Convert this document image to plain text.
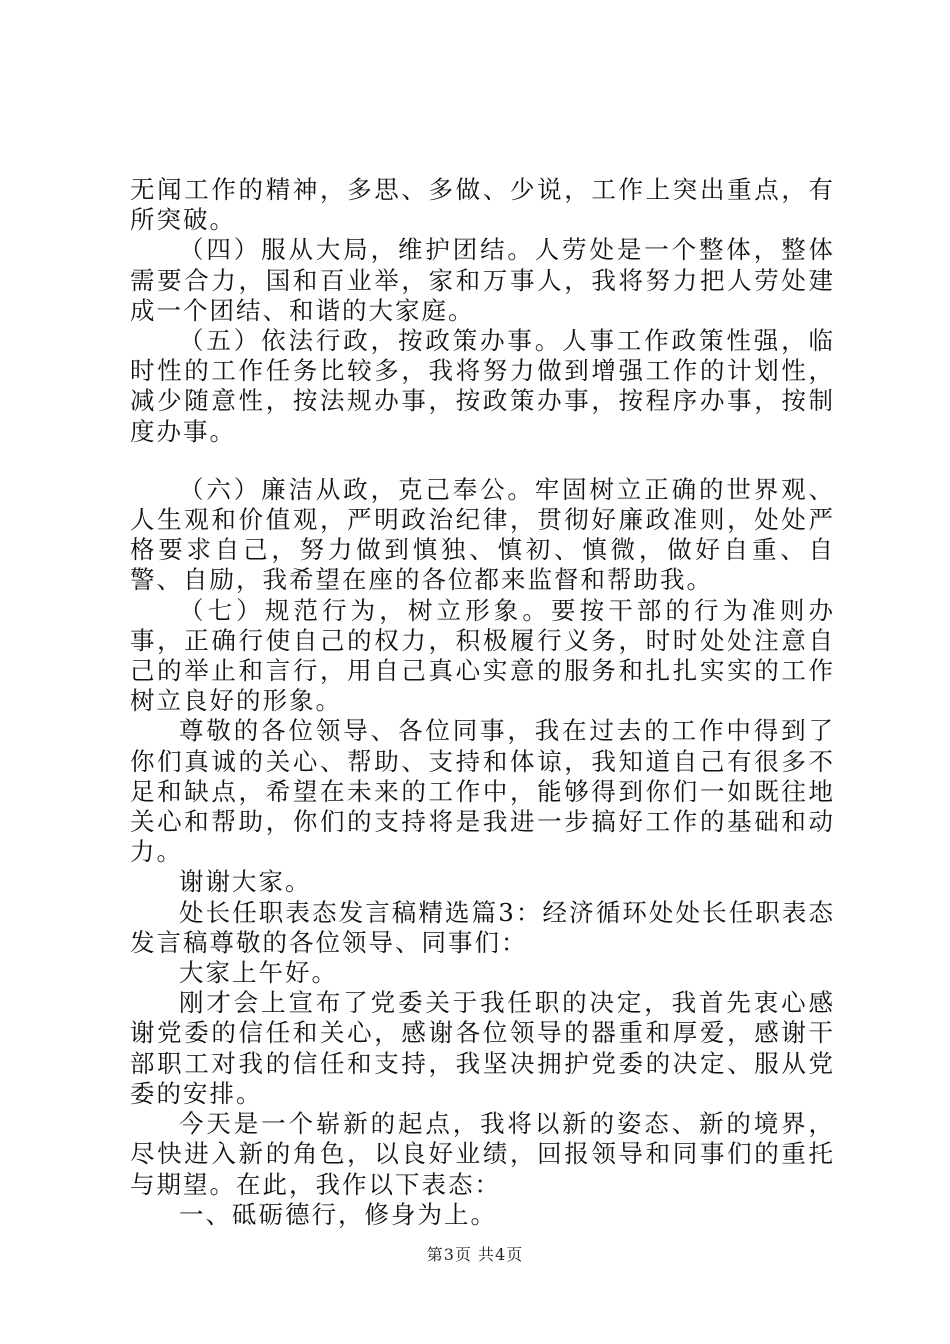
无闻工作的精神，多思、多做、少说，工作上突出重点，有所突破。

（四）服从大局，维护团结。人劳处是一个整体，整体需要合力，国和百业举，家和万事人，我将努力把人劳处建成一个团结、和谐的大家庭。

（五）依法行政，按政策办事。人事工作政策性强，临时性的工作任务比较多，我将努力做到增强工作的计划性，减少随意性，按法规办事，按政策办事，按程序办事，按制度办事。

（六）廉洁从政，克己奉公。牢固树立正确的世界观、人生观和价值观，严明政治纪律，贯彻好廉政准则，处处严格要求自己，努力做到慎独、慎初、慎微，做好自重、自警、自励，我希望在座的各位都来监督和帮助我。

（七）规范行为，树立形象。要按干部的行为准则办事，正确行使自己的权力，积极履行义务，时时处处注意自己的举止和言行，用自己真心实意的服务和扎扎实实的工作树立良好的形象。

尊敬的各位领导、各位同事，我在过去的工作中得到了你们真诚的关心、帮助、支持和体谅，我知道自己有很多不足和缺点，希望在未来的工作中，能够得到你们一如既往地关心和帮助，你们的支持将是我进一步搞好工作的基础和动力。

谢谢大家。

处长任职表态发言稿精选篇3：经济循环处处长任职表态发言稿尊敬的各位领导、同事们：

大家上午好。

刚才会上宣布了党委关于我任职的决定，我首先衷心感谢党委的信任和关心，感谢各位领导的器重和厚爱，感谢干部职工对我的信任和支持，我坚决拥护党委的决定、服从党委的安排。

今天是一个崭新的起点，我将以新的姿态、新的境界，尽快进入新的角色，以良好业绩，回报领导和同事们的重托与期望。在此，我作以下表态：

一、砥砺德行，修身为上。

第3页 共4页
